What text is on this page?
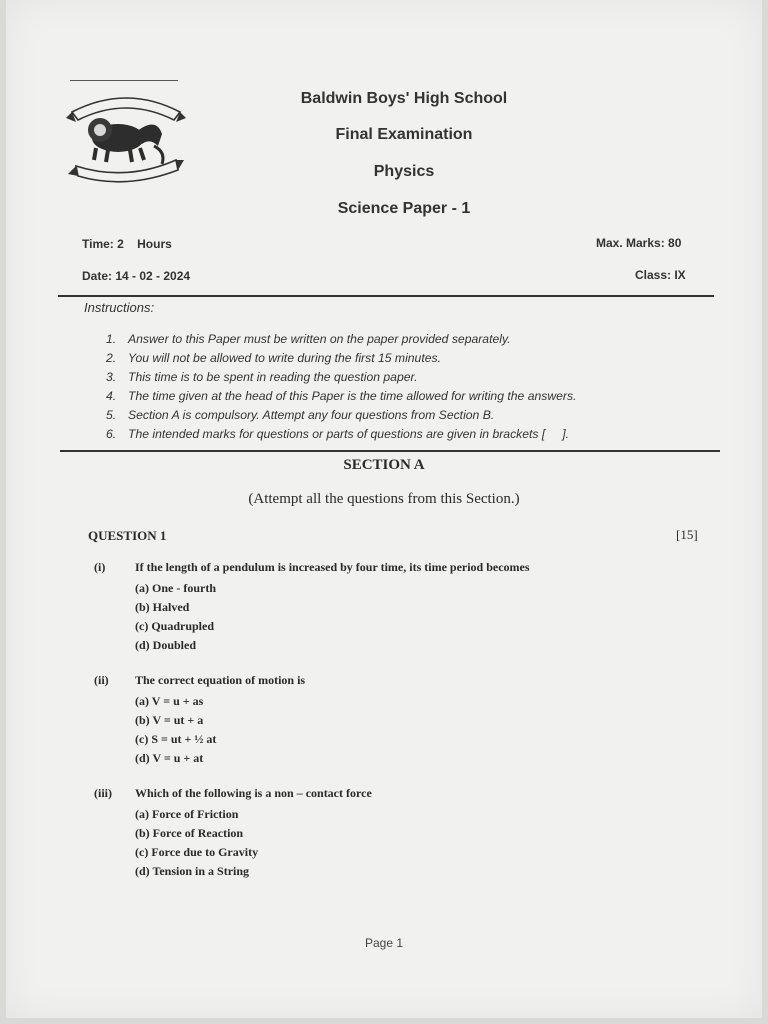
Baldwin Boys' High School
Final Examination
Physics
Science Paper - 1
Time: 2    Hours	Max. Marks: 80
Date: 14 - 02 - 2024	Class: IX
Instructions:
1. Answer to this Paper must be written on the paper provided separately.
2. You will not be allowed to write during the first 15 minutes.
3. This time is to be spent in reading the question paper.
4. The time given at the head of this Paper is the time allowed for writing the answers.
5. Section A is compulsory. Attempt any four questions from Section B.
6. The intended marks for questions or parts of questions are given in brackets [     ].
SECTION A
(Attempt all the questions from this Section.)
QUESTION 1	[15]
(i)	If the length of a pendulum is increased by four time, its time period becomes
(a) One - fourth
(b) Halved
(c) Quadrupled
(d) Doubled
(ii)	The correct equation of motion is
(a) V = u + as
(b) V = ut + a
(c) S = ut + ½ at
(d) V = u + at
(iii)	Which of the following is a non – contact force
(a) Force of Friction
(b) Force of Reaction
(c) Force due to Gravity
(d) Tension in a String
Page 1
